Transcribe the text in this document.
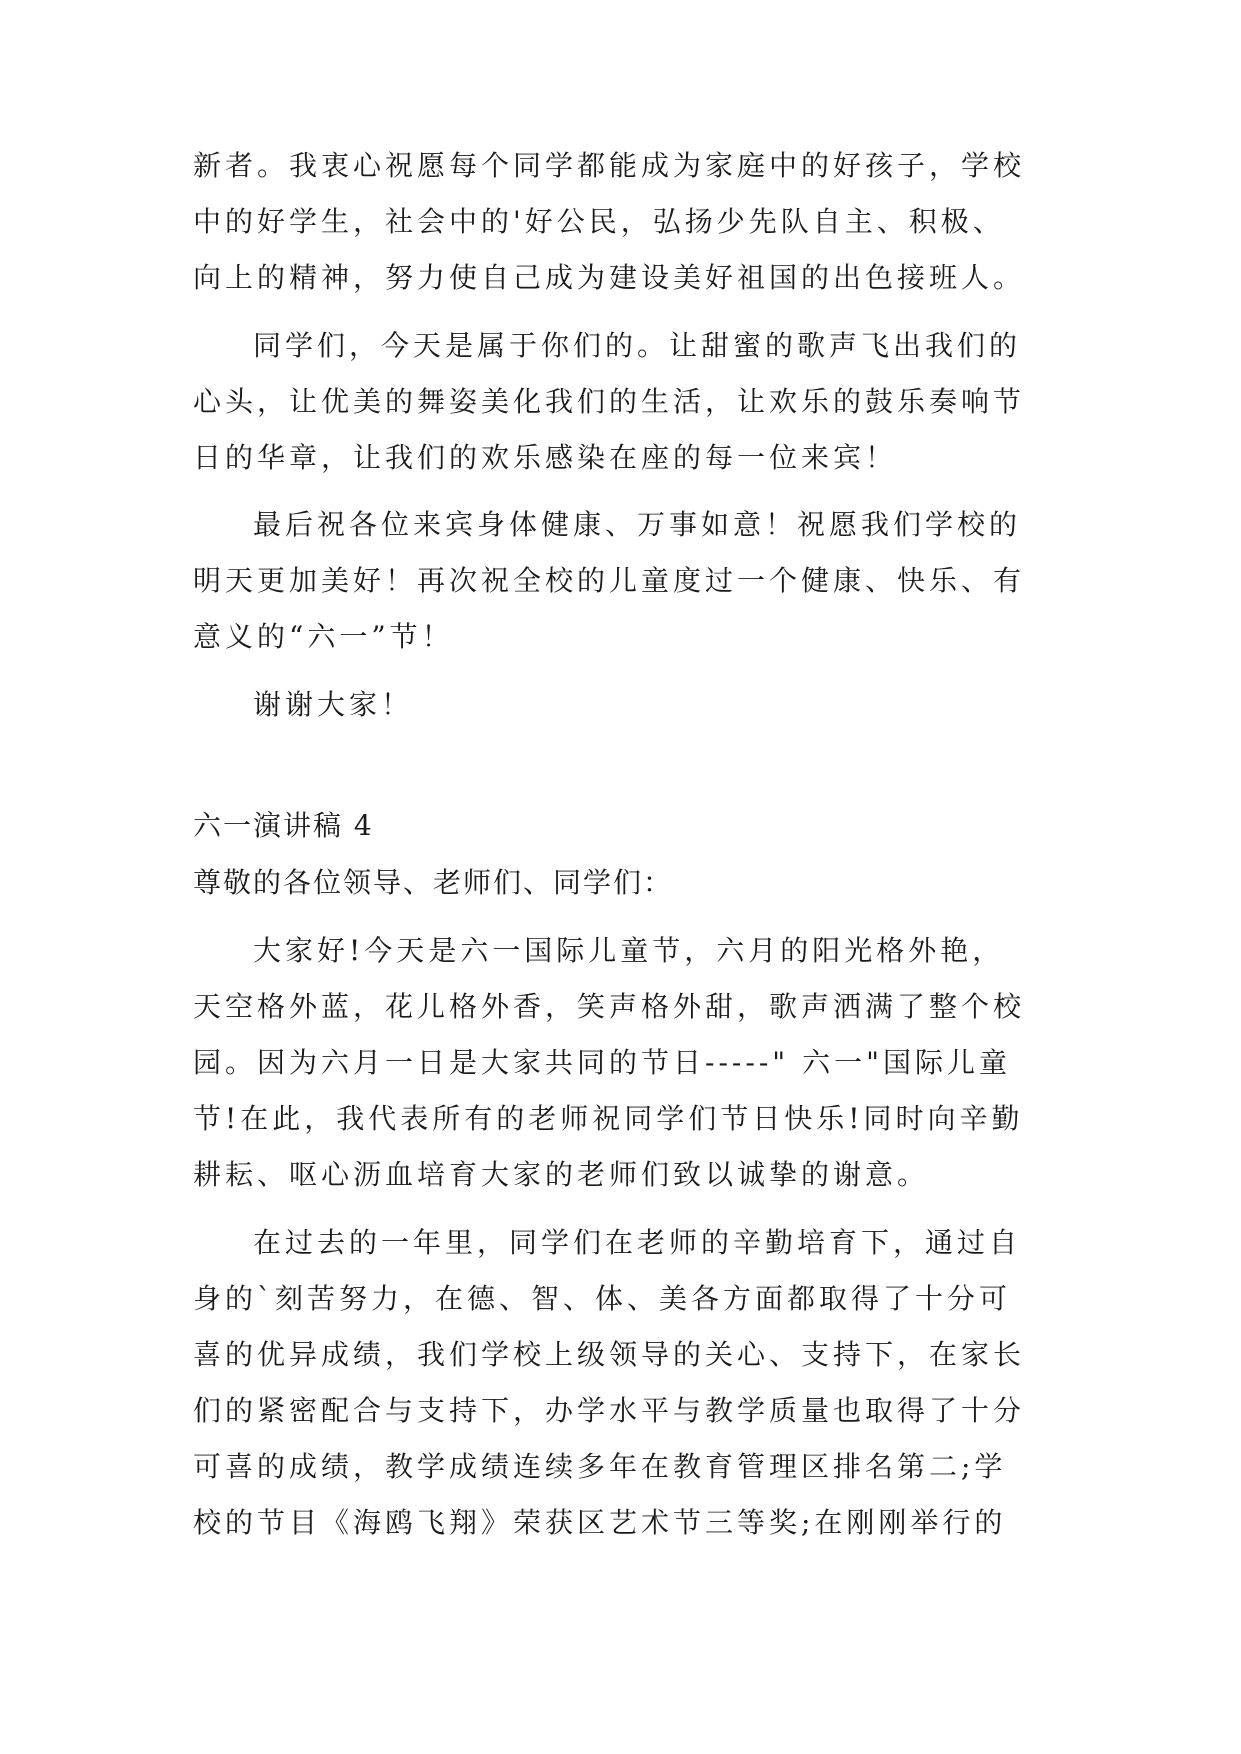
新者。我衷心祝愿每个同学都能成为家庭中的好孩子，学校
中的好学生，社会中的'好公民，弘扬少先队自主、积极、
向上的精神，努力使自己成为建设美好祖国的出色接班人。
同学们，今天是属于你们的。让甜蜜的歌声飞出我们的
心头，让优美的舞姿美化我们的生活，让欢乐的鼓乐奏响节
日的华章，让我们的欢乐感染在座的每一位来宾！
最后祝各位来宾身体健康、万事如意！祝愿我们学校的
明天更加美好！再次祝全校的儿童度过一个健康、快乐、有
意义的“六一”节！
谢谢大家！
六一演讲稿 4
尊敬的各位领导、老师们、同学们：
大家好!今天是六一国际儿童节，六月的阳光格外艳，
天空格外蓝，花儿格外香，笑声格外甜，歌声洒满了整个校
园。因为六月一日是大家共同的节日-----" 六一"国际儿童
节!在此，我代表所有的老师祝同学们节日快乐!同时向辛勤
耕耘、呕心沥血培育大家的老师们致以诚挚的谢意。
在过去的一年里，同学们在老师的辛勤培育下，通过自
身的`刻苦努力，在德、智、体、美各方面都取得了十分可
喜的优异成绩，我们学校上级领导的关心、支持下，在家长
们的紧密配合与支持下，办学水平与教学质量也取得了十分
可喜的成绩，教学成绩连续多年在教育管理区排名第二;学
校的节目《海鸥飞翔》荣获区艺术节三等奖;在刚刚举行的
